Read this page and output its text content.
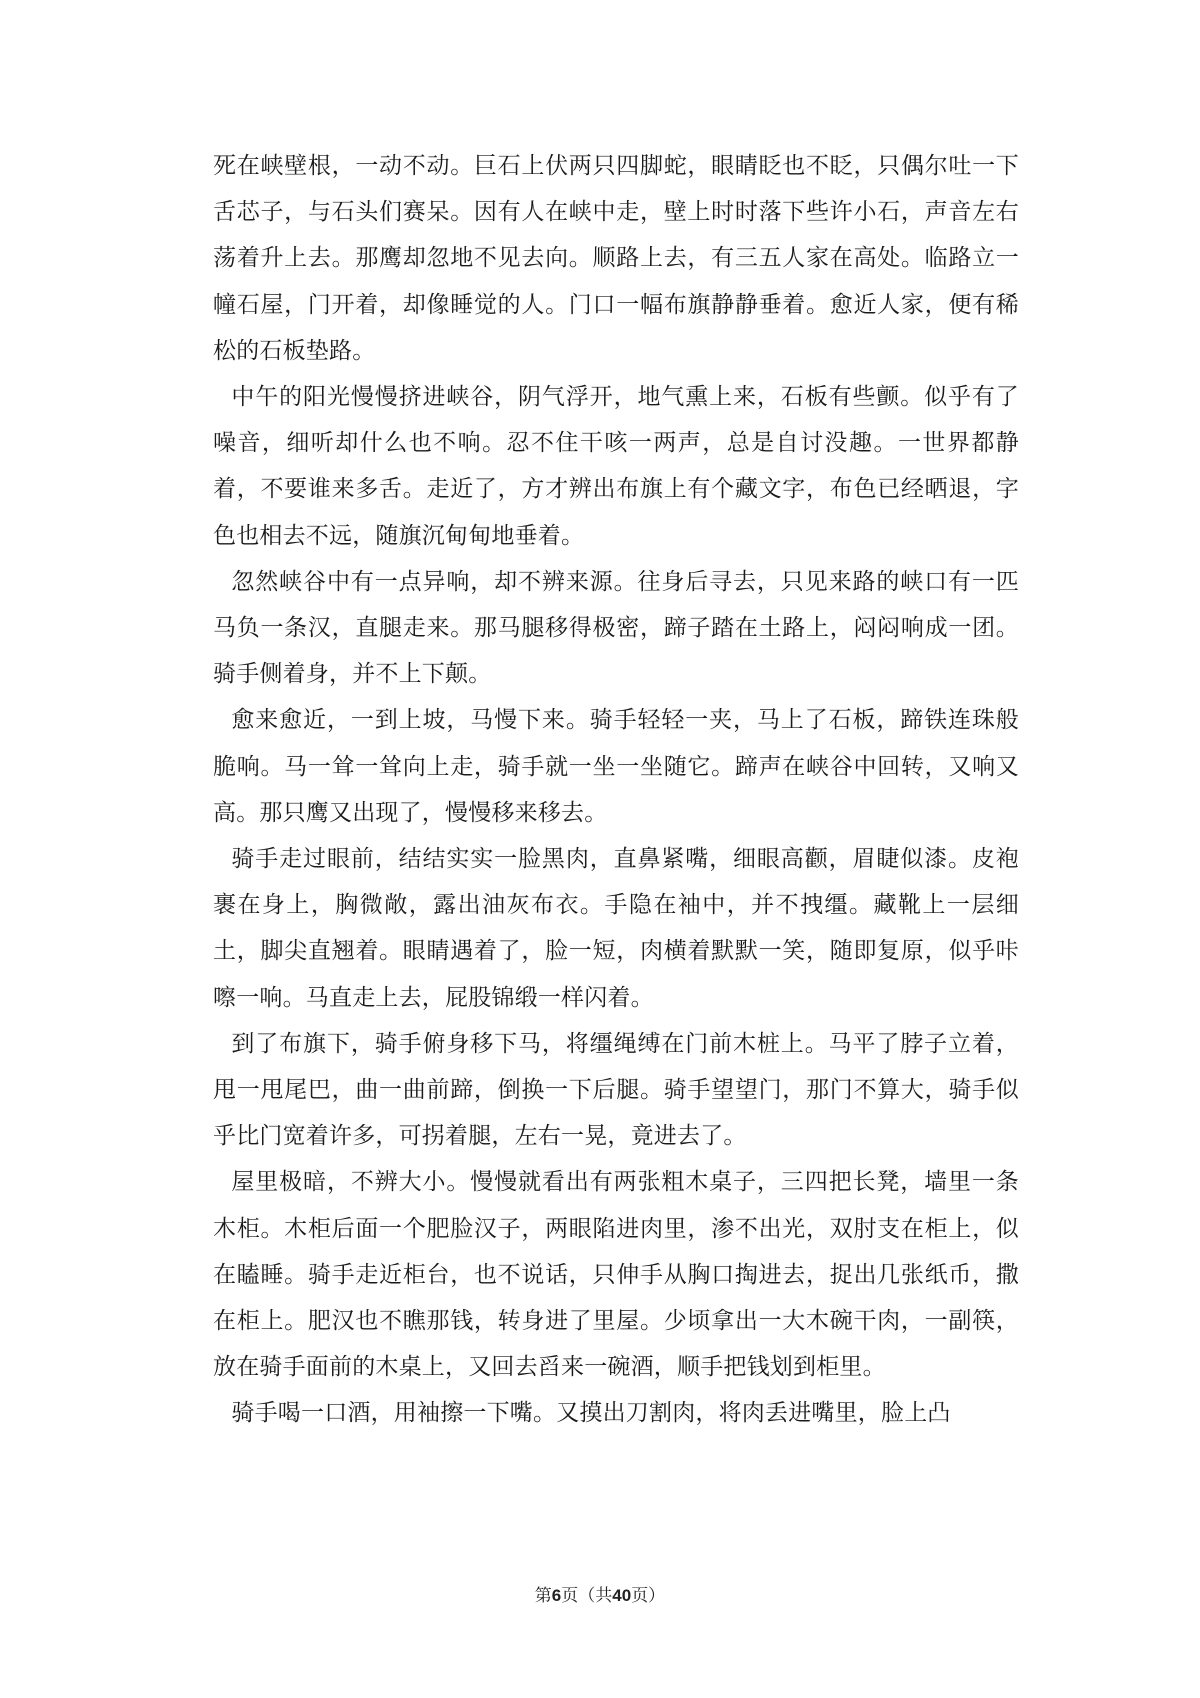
死在峡壁根，一动不动。巨石上伏两只四脚蛇，眼睛眨也不眨，只偶尔吐一下舌芯子，与石头们赛呆。因有人在峡中走，壁上时时落下些许小石，声音左右荡着升上去。那鹰却忽地不见去向。顺路上去，有三五人家在高处。临路立一幢石屋，门开着，却像睡觉的人。门口一幅布旗静静垂着。愈近人家，便有稀松的石板垫路。

中午的阳光慢慢挤进峡谷，阴气浮开，地气熏上来，石板有些颤。似乎有了噪音，细听却什么也不响。忍不住干咳一两声，总是自讨没趣。一世界都静着，不要谁来多舌。走近了，方才辨出布旗上有个藏文字，布色已经晒退，字色也相去不远，随旗沉甸甸地垂着。

忽然峡谷中有一点异响，却不辨来源。往身后寻去，只见来路的峡口有一匹马负一条汉，直腿走来。那马腿移得极密，蹄子踏在土路上，闷闷响成一团。骑手侧着身，并不上下颠。

愈来愈近，一到上坡，马慢下来。骑手轻轻一夹，马上了石板，蹄铁连珠般脆响。马一耸一耸向上走，骑手就一坐一坐随它。蹄声在峡谷中回转，又响又高。那只鹰又出现了，慢慢移来移去。

骑手走过眼前，结结实实一脸黑肉，直鼻紧嘴，细眼高颧，眉睫似漆。皮袍裹在身上，胸微敞，露出油灰布衣。手隐在袖中，并不拽缰。藏靴上一层细土，脚尖直翘着。眼睛遇着了，脸一短，肉横着默默一笑，随即复原，似乎咔嚓一响。马直走上去，屁股锦缎一样闪着。

到了布旗下，骑手俯身移下马，将缰绳缚在门前木桩上。马平了脖子立着，甩一甩尾巴，曲一曲前蹄，倒换一下后腿。骑手望望门，那门不算大，骑手似乎比门宽着许多，可拐着腿，左右一晃，竟进去了。

屋里极暗，不辨大小。慢慢就看出有两张粗木桌子，三四把长凳，墙里一条木柜。木柜后面一个肥脸汉子，两眼陷进肉里，渗不出光，双肘支在柜上，似在瞌睡。骑手走近柜台，也不说话，只伸手从胸口掏进去，捉出几张纸币，撒在柜上。肥汉也不瞧那钱，转身进了里屋。少顷拿出一大木碗干肉，一副筷，放在骑手面前的木桌上，又回去舀来一碗酒，顺手把钱划到柜里。

骑手喝一口酒，用袖擦一下嘴。又摸出刀割肉，将肉丢进嘴里，脸上凸

第6页（共40页）
